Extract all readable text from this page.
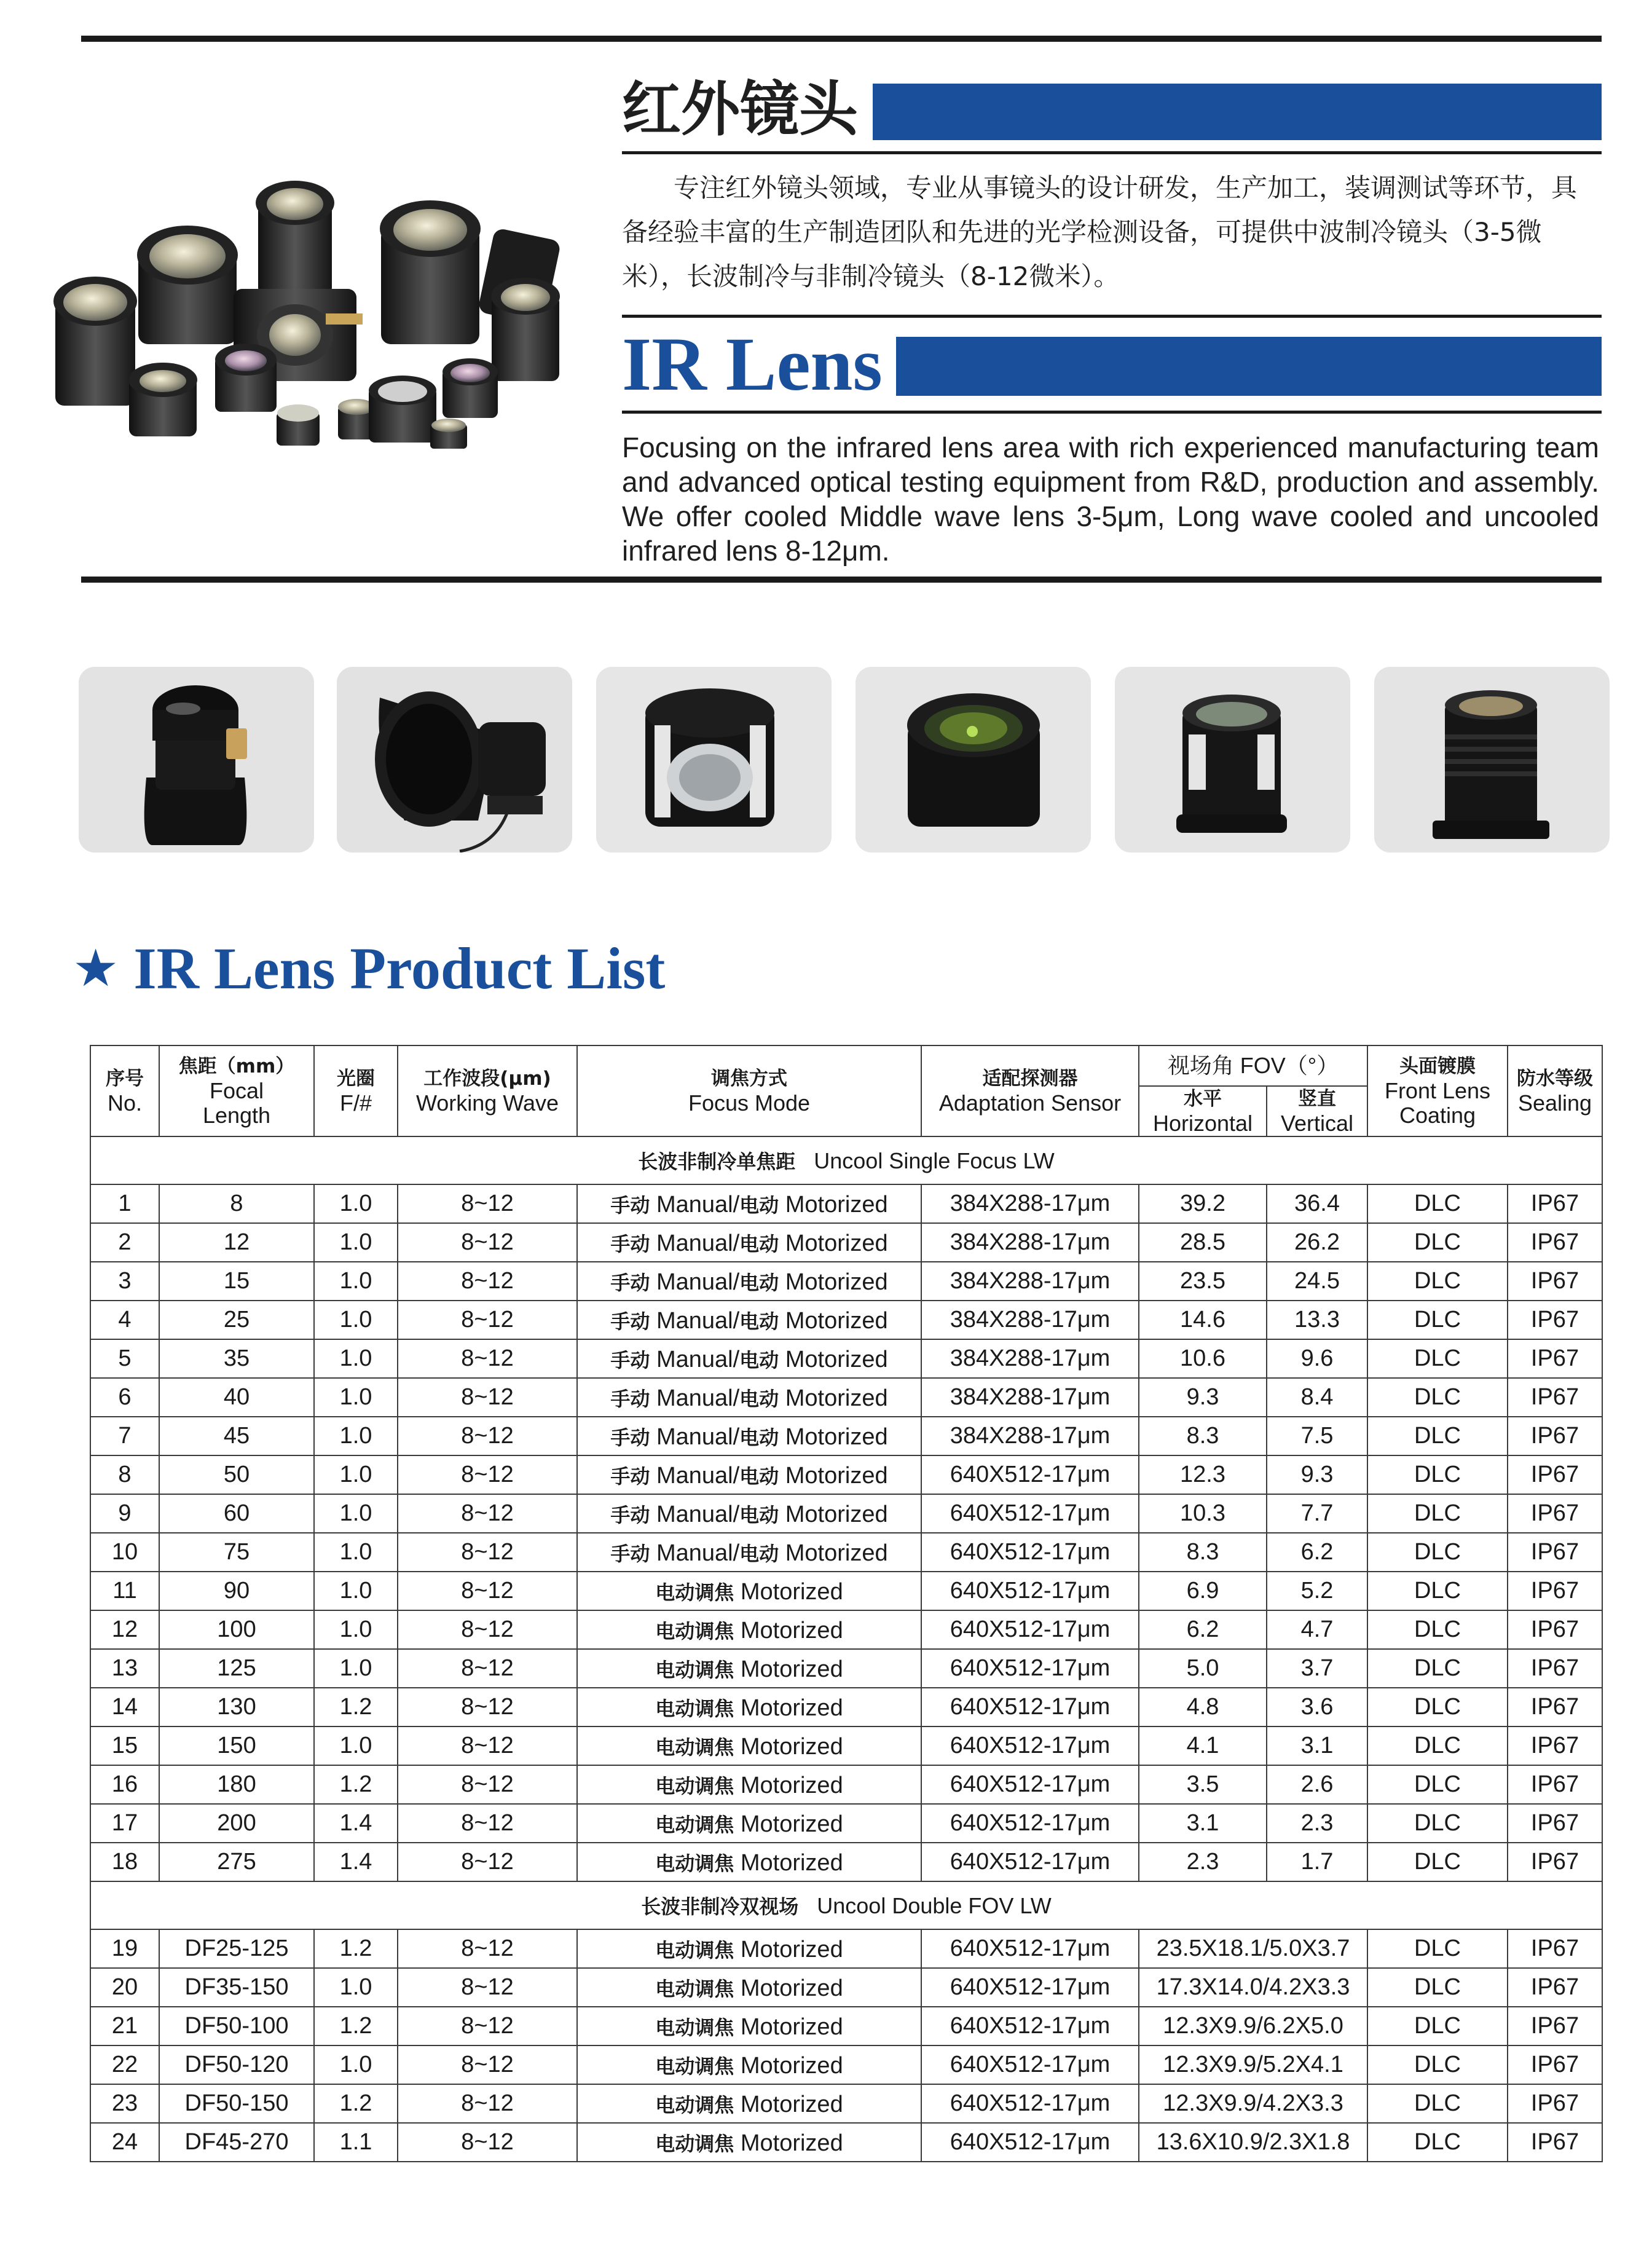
红外镜头

专注红外镜头领域，专业从事镜头的设计研发，生产加工，装调测试等环节，具备经验丰富的生产制造团队和先进的光学检测设备，可提供中波制冷镜头（3-5微米），长波制冷与非制冷镜头（8-12微米）。

IR Lens
Focusing on the infrared lens area with rich experienced manufacturing team and advanced optical testing equipment from R&D, production and assembly. We offer cooled Middle wave lens 3-5μm, Long wave cooled and uncooled infrared lens 8-12μm.
★ IR Lens Product List
序号
No.	焦距（mm）
Focal
Length	光圈
F/#	工作波段(μm)
Working Wave	调焦方式
Focus Mode	适配探测器
Adaptation Sensor	视场角 FOV（°）		头面镀膜
Front Lens
Coating	防水等级
Sealing

						水平
Horizontal	竖直
Vertical		

长波非制冷单焦距 Uncool Single Focus LW									
1	8	1.0	8~12	手动 Manual/电动 Motorized	384X288-17μm	39.2	36.4	DLC	IP67
2	12	1.0	8~12	手动 Manual/电动 Motorized	384X288-17μm	28.5	26.2	DLC	IP67
3	15	1.0	8~12	手动 Manual/电动 Motorized	384X288-17μm	23.5	24.5	DLC	IP67
4	25	1.0	8~12	手动 Manual/电动 Motorized	384X288-17μm	14.6	13.3	DLC	IP67
5	35	1.0	8~12	手动 Manual/电动 Motorized	384X288-17μm	10.6	9.6	DLC	IP67
6	40	1.0	8~12	手动 Manual/电动 Motorized	384X288-17μm	9.3	8.4	DLC	IP67
7	45	1.0	8~12	手动 Manual/电动 Motorized	384X288-17μm	8.3	7.5	DLC	IP67
8	50	1.0	8~12	手动 Manual/电动 Motorized	640X512-17μm	12.3	9.3	DLC	IP67
9	60	1.0	8~12	手动 Manual/电动 Motorized	640X512-17μm	10.3	7.7	DLC	IP67
10	75	1.0	8~12	手动 Manual/电动 Motorized	640X512-17μm	8.3	6.2	DLC	IP67
11	90	1.0	8~12	电动调焦 Motorized	640X512-17μm	6.9	5.2	DLC	IP67
12	100	1.0	8~12	电动调焦 Motorized	640X512-17μm	6.2	4.7	DLC	IP67
13	125	1.0	8~12	电动调焦 Motorized	640X512-17μm	5.0	3.7	DLC	IP67
14	130	1.2	8~12	电动调焦 Motorized	640X512-17μm	4.8	3.6	DLC	IP67
15	150	1.0	8~12	电动调焦 Motorized	640X512-17μm	4.1	3.1	DLC	IP67
16	180	1.2	8~12	电动调焦 Motorized	640X512-17μm	3.5	2.6	DLC	IP67
17	200	1.4	8~12	电动调焦 Motorized	640X512-17μm	3.1	2.3	DLC	IP67
18	275	1.4	8~12	电动调焦 Motorized	640X512-17μm	2.3	1.7	DLC	IP67
长波非制冷双视场 Uncool Double FOV LW									
19	DF25-125	1.2	8~12	电动调焦 Motorized	640X512-17μm	23.5X18.1/5.0X3.7		DLC	IP67
20	DF35-150	1.0	8~12	电动调焦 Motorized	640X512-17μm	17.3X14.0/4.2X3.3		DLC	IP67
21	DF50-100	1.2	8~12	电动调焦 Motorized	640X512-17μm	12.3X9.9/6.2X5.0		DLC	IP67
22	DF50-120	1.0	8~12	电动调焦 Motorized	640X512-17μm	12.3X9.9/5.2X4.1		DLC	IP67
23	DF50-150	1.2	8~12	电动调焦 Motorized	640X512-17μm	12.3X9.9/4.2X3.3		DLC	IP67
24	DF45-270	1.1	8~12	电动调焦 Motorized	640X512-17μm	13.6X10.9/2.3X1.8		DLC	IP67
